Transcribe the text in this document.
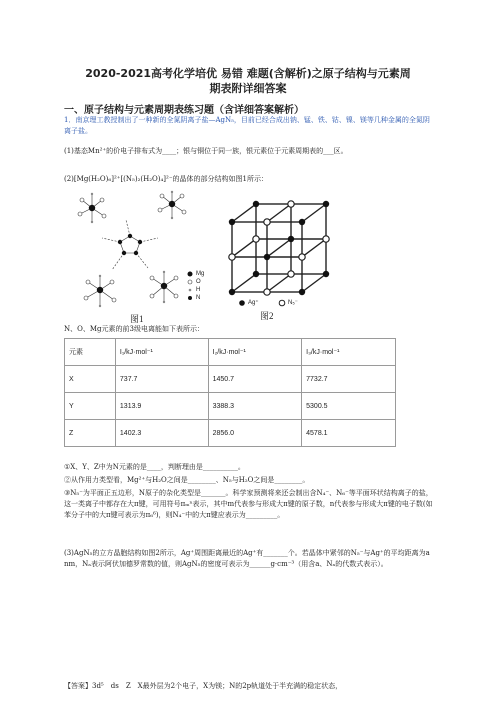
2020-2021高考化学培优 易错 难题(含解析)之原子结构与元素周
期表附详细答案
一、原子结构与元素周期表练习题（含详细答案解析）
1．南京理工教授制出了一种新的全氮阴离子盐—AgN₅，目前已经合成出钠、锰、铁、钴、镍、镁等几种金属的全氮阴离子盐。
(1)基态Mn²⁺的价电子排布式为____；银与铜位于同一族，银元素位于元素周期表的___区。
(2)[Mg(H₂O)₆]²⁺[(N₅)₂(H₂O)₄]²⁻的晶体的部分结构如图1所示：
Mg
O
H
N
图1
Ag⁺	N₅⁻
图2
N、O、Mg元素的前3级电离能如下表所示：
元素	I₁/kJ·mol⁻¹	I₂/kJ·mol⁻¹	I₃/kJ·mol⁻¹
X	737.7	1450.7	7732.7
Y	1313.9	3388.3	5300.5
Z	1402.3	2856.0	4578.1
①X、Y、Z中为N元素的是____，判断理由是__________。
②从作用力类型看，Mg²⁺与H₂O之间是________、N₅与H₂O之间是________。
③N₅⁻为平面正五边形，N原子的杂化类型是_______。科学家预测将来还会制出含N₄⁻、N₆⁻等平面环状结构离子的盐，这一类离子中都存在大π键，可用符号πₘⁿ表示，其中m代表参与形成大π键的原子数，n代表参与形成大π键的电子数(如苯分子中的大π键可表示为π₆⁶)，则N₄⁻中的大π键应表示为_________。
(3)AgN₅的立方晶胞结构如图2所示，Ag⁺周围距离最近的Ag⁺有_______个。若晶体中紧邻的N₅⁻与Ag⁺的平均距离为a nm，Nₐ表示阿伏加德罗常数的值，则AgN₅的密度可表示为______g·cm⁻³（用含a、Nₐ的代数式表示）。
【答案】3d⁵　ds　Z　X最外层为2个电子，X为镁；N的2p轨道处于半充满的稳定状态，
